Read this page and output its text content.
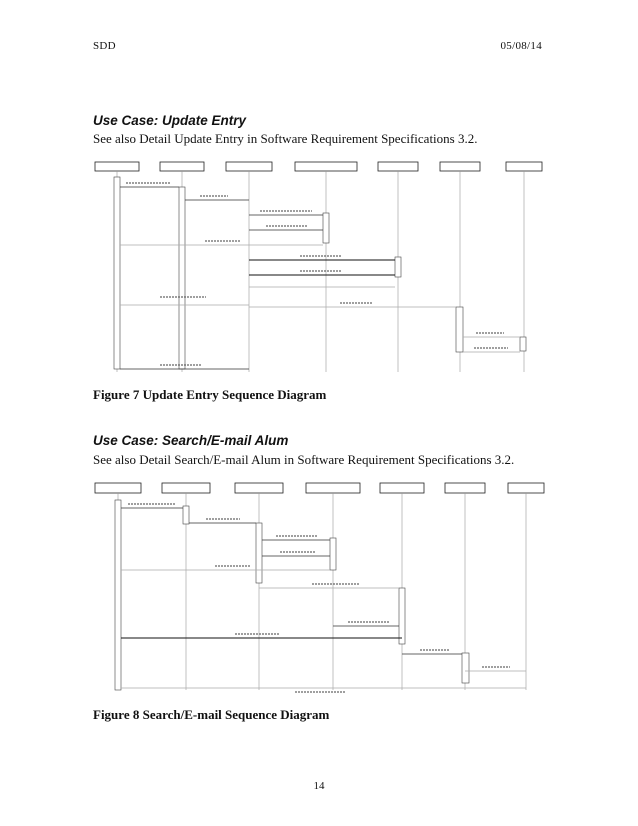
SDD	05/08/14
Use Case: Update Entry
See also Detail Update Entry in Software Requirement Specifications 3.2.
Figure 7 Update Entry Sequence Diagram
Use Case: Search/E-mail Alum
See also Detail Search/E-mail Alum in Software Requirement Specifications 3.2.
Figure 8 Search/E-mail Sequence Diagram
14
